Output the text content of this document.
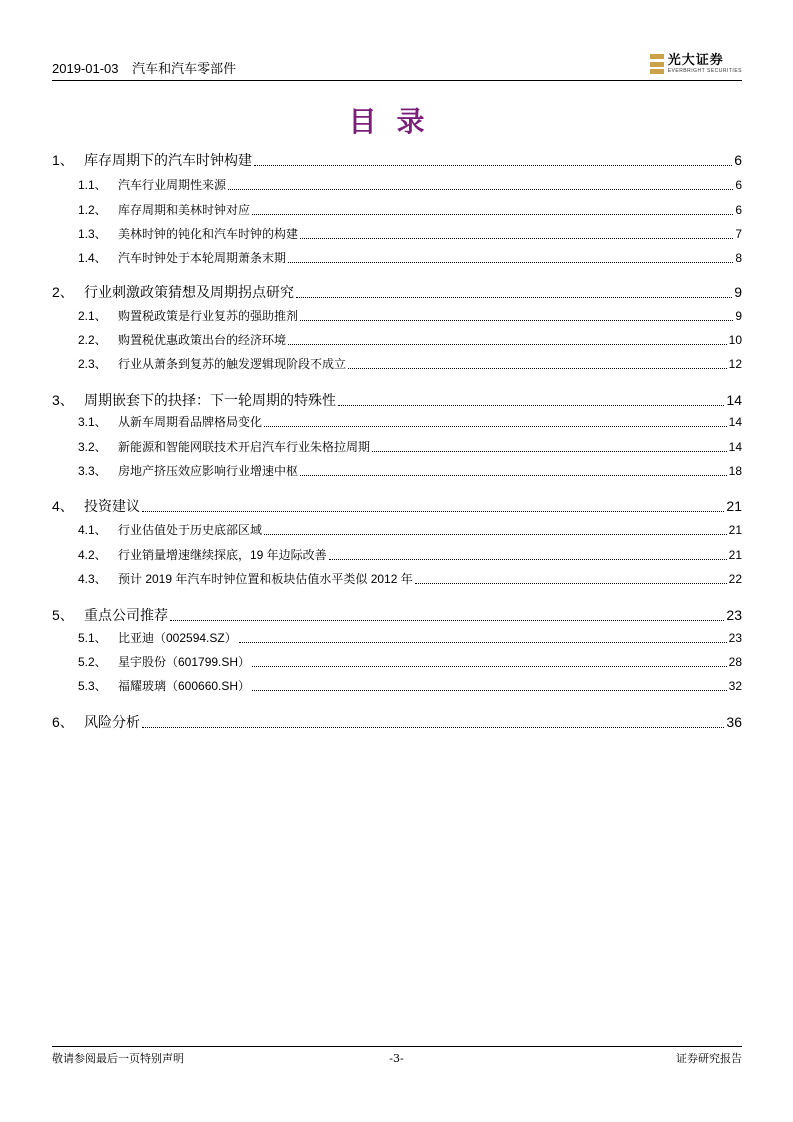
2019-01-03 汽车和汽车零部件
光大证券
EVERBRIGHT SECURITIES
目录
1、 库存周期下的汽车时钟构建	6
1.1、 汽车行业周期性来源	6
1.2、 库存周期和美林时钟对应	6
1.3、 美林时钟的钝化和汽车时钟的构建	7
1.4、 汽车时钟处于本轮周期萧条末期	8
2、 行业刺激政策猜想及周期拐点研究	9
2.1、 购置税政策是行业复苏的强助推剂	9
2.2、 购置税优惠政策出台的经济环境	10
2.3、 行业从萧条到复苏的触发逻辑现阶段不成立	12
3、 周期嵌套下的抉择：下一轮周期的特殊性	14
3.1、 从新车周期看品牌格局变化	14
3.2、 新能源和智能网联技术开启汽车行业朱格拉周期	14
3.3、 房地产挤压效应影响行业增速中枢	18
4、 投资建议	21
4.1、 行业估值处于历史底部区域	21
4.2、 行业销量增速继续探底，19 年边际改善	21
4.3、 预计 2019 年汽车时钟位置和板块估值水平类似 2012 年	22
5、 重点公司推荐	23
5.1、 比亚迪（002594.SZ）	23
5.2、 星宇股份（601799.SH）	28
5.3、 福耀玻璃（600660.SH）	32
6、 风险分析	36
敬请参阅最后一页特别声明	-3-	证券研究报告
